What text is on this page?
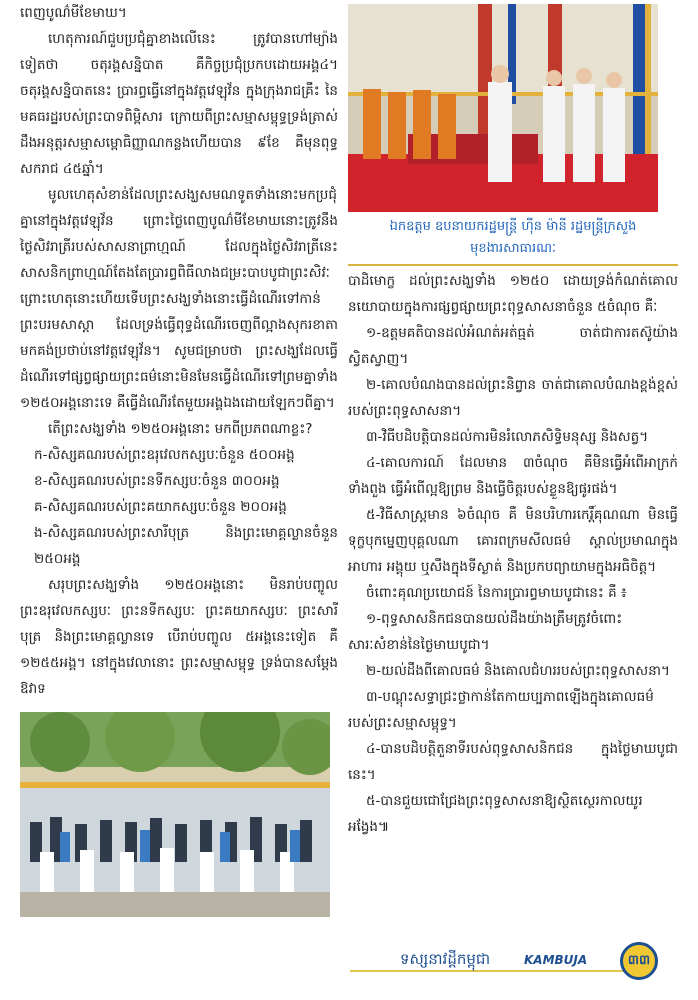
ពេញបូណ៌មីខែមាឃ។

ហេតុការណ៍ជួបប្រជុំគ្នាខាងលើនេះ ត្រូវបានហៅម្យ៉ាងទៀតថា ចតុរង្គសន្និបាត គឺកិច្ចប្រជុំប្រកបដោយអង្គ៤។ ចតុរង្គសន្និបាតនេះ ប្រារព្ធធ្វើនៅក្នុងវត្តវេឡុវ័ន ក្នុងក្រុងរាជគ្រឹះ នៃមគធរដ្ឋរបស់ព្រះបាទពិម្ពិសារ ក្រោយពីព្រះសម្មាសម្ពុទ្ធទ្រង់ត្រាស់ដឹងអនុត្តរសម្មាសម្ពោធិញ្ញាណកន្លងហើយបាន ៩ខែ គឺមុនពុទ្ធសករាជ ៤៥ឆ្នាំ។

មូលហេតុសំខាន់ដែលព្រះសង្ឃសមណទូតទាំងនោះមកប្រជុំគ្នានៅក្នុងវត្តវេឡុវ័ន ព្រោះថ្ងៃពេញបូណ៌មីខែមាឃនោះត្រូវនឹងថ្ងៃសិវរាត្រីរបស់សាសនាព្រាហ្មណ៍ ដែលក្នុងថ្ងៃសិវរាត្រីនេះ សាសនិកព្រាហ្មណ៍តែងតែប្រារព្ធពិធីលាងជម្រះបាបបូជាព្រះសិវៈ ព្រោះហេតុនោះហើយទើបព្រះសង្ឃទាំងនោះធ្វើដំណើរទៅកាន់ព្រះបរមសាស្តា ដែលទ្រង់ធ្វើពុទ្ធដំណើរចេញពីល្អាងសុករខាតា មកគង់ប្រថាប់នៅវត្តវេឡុវ័ន។ សូមជម្រាបថា ព្រះសង្ឃដែលធ្វើដំណើរទៅផ្សព្វផ្សាយព្រះធម៌នោះមិនមែនធ្វើដំណើរទៅព្រមគ្នាទាំង ១២៥០អង្គនោះទេ គឺធ្វើដំណើរតែមួយអង្គឯងដោយឡែកៗពីគ្នា។

តើព្រះសង្ឃទាំង ១២៥០អង្គនោះ មកពីប្រភពណាខ្លះ?

ក-សិស្សគណរបស់ព្រះឧរុវេលកស្សបៈចំនួន ៥០០អង្គ

ខ-សិស្សគណរបស់ព្រះនទីកស្សបៈចំនួន ៣០០អង្គ

គ-សិស្សគណរបស់ព្រះគយាកស្សបៈចំនួន ២០០អង្គ

ង-សិស្សគណរបស់ព្រះសារីបុត្រ និងព្រះមោគ្គល្លានចំនួន ២៥០អង្គ

សរុបព្រះសង្ឃទាំង ១២៥០អង្គនោះ មិនរាប់បញ្ចូលព្រះឧរុវេលកស្សបៈ ព្រះនទីកស្សបៈ ព្រះគយាកស្សបៈ ព្រះសារីបុត្រ និងព្រះមោគ្គល្លានទេ បើរាប់បញ្ចូល ៥អង្គនេះទៀត គឺ ១២៥៥អង្គ។ នៅក្នុងវេលានោះ ព្រះសម្មាសម្ពុទ្ធ ទ្រង់បានសម្តែងឱវាទ

ឯកឧត្តម ឧបនាយករដ្ឋមន្ត្រី ហ៊ីន ម៉ានី រដ្ឋមន្ត្រីក្រសួងមុខងារសាធារណៈ

បាដិមោក្ខ ដល់ព្រះសង្ឃទាំង ១២៥០ ដោយទ្រង់កំណត់គោលនយោបាយក្នុងការផ្សព្វផ្សាយព្រះពុទ្ធសាសនាចំនួន ៥ចំណុច គឺៈ

១-ឧត្តមគតិបានដល់អំណត់អត់ធ្មត់ ចាត់ជាការតស៊ូយ៉ាងស្វិតស្វាញ។

២-គោលបំណងបានដល់ព្រះនិព្វាន ចាត់ជាគោលបំណងខ្ពង់ខ្ពស់របស់ព្រះពុទ្ធសាសនា។

៣-វិធីបដិបត្តិបានដល់ការមិនរំលោភសិទ្ធិមនុស្ស និងសត្វ។

៤-គោលការណ៍ ដែលមាន ៣ចំណុច គឺមិនធ្វើអំពើអាក្រក់ទាំងពួង ធ្វើអំពើល្អឱ្យព្រម និងធ្វើចិត្តរបស់ខ្លួនឱ្យផូរផង់។

៥-វិធីសាស្ត្រមាន ៦ចំណុច គឺ មិនបរិហារកេរ្តិ៍គុណណា មិនធ្វើទុក្ខបុកម្នេញបុគ្គលណា គោរពក្រមសីលធម៌ ស្គាល់ប្រមាណក្នុងអាហារ អង្គុយ ឬសឹងក្នុងទីស្ងាត់ និងប្រកបព្យាយាមក្នុងអធិចិត្ត។

ចំពោះគុណប្រយោជន៍ នៃការប្រារព្ធមាឃបូជានេះ គឺ ៖

១-ពុទ្ធសាសនិកជនបានយល់ដឹងយ៉ាងត្រឹមត្រូវចំពោះសារៈសំខាន់នៃថ្ងៃមាឃបូជា។

២-យល់ដឹងពីគោលធម៌ និងគោលជំហររបស់ព្រះពុទ្ធសាសនា។

៣-បណ្តុះសទ្ធាជ្រះថ្លាកាន់តែកាយប្បភាពឡើងក្នុងគោលធម៌របស់ព្រះសម្មាសម្ពុទ្ធ។

៤-បានបដិបត្តិតួនាទីរបស់ពុទ្ធសាសនិកជន ក្នុងថ្ងៃមាឃបូជានេះ។

៥-បានជួយជោជ្រែងព្រះពុទ្ធសាសនាឱ្យស្ថិតស្ថេរកាលយូរអង្វែង៕

ទស្សនាវដ្តីកម្ពុជា	KAMBUJA	៣៣
